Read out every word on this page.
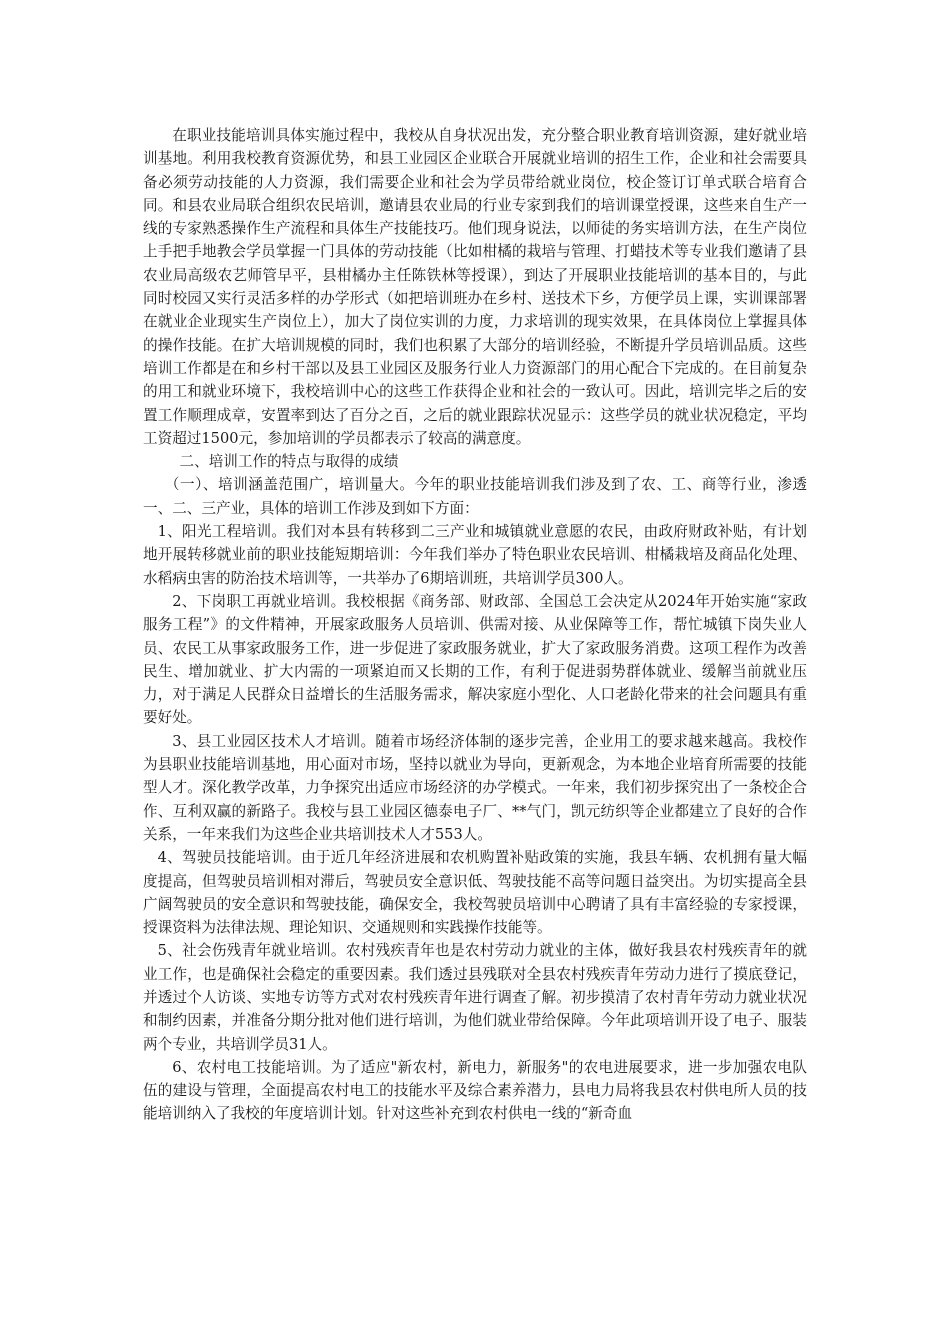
在职业技能培训具体实施过程中，我校从自身状况出发，充分整合职业教育培训资源，建好就业培训基地。利用我校教育资源优势，和县工业园区企业联合开展就业培训的招生工作，企业和社会需要具备必须劳动技能的人力资源，我们需要企业和社会为学员带给就业岗位，校企签订订单式联合培育合同。和县农业局联合组织农民培训，邀请县农业局的行业专家到我们的培训课堂授课，这些来自生产一线的专家熟悉操作生产流程和具体生产技能技巧。他们现身说法，以师徒的务实培训方法，在生产岗位上手把手地教会学员掌握一门具体的劳动技能（比如柑橘的栽培与管理、打蜡技术等专业我们邀请了县农业局高级农艺师管早平，县柑橘办主任陈铁林等授课），到达了开展职业技能培训的基本目的，与此同时校园又实行灵活多样的办学形式（如把培训班办在乡村、送技术下乡，方便学员上课，实训课部署在就业企业现实生产岗位上），加大了岗位实训的力度，力求培训的现实效果，在具体岗位上掌握具体的操作技能。在扩大培训规模的同时，我们也积累了大部分的培训经验，不断提升学员培训品质。这些培训工作都是在和乡村干部以及县工业园区及服务行业人力资源部门的用心配合下完成的。在目前复杂的用工和就业环境下，我校培训中心的这些工作获得企业和社会的一致认可。因此，培训完毕之后的安置工作顺理成章，安置率到达了百分之百，之后的就业跟踪状况显示：这些学员的就业状况稳定，平均工资超过1500元，参加培训的学员都表示了较高的满意度。

二、培训工作的特点与取得的成绩

（一）、培训涵盖范围广，培训量大。今年的职业技能培训我们涉及到了农、工、商等行业，渗透一、二、三产业，具体的培训工作涉及到如下方面：

1、阳光工程培训。我们对本县有转移到二三产业和城镇就业意愿的农民，由政府财政补贴，有计划地开展转移就业前的职业技能短期培训：今年我们举办了特色职业农民培训、柑橘栽培及商品化处理、水稻病虫害的防治技术培训等，一共举办了6期培训班，共培训学员300人。

2、下岗职工再就业培训。我校根据《商务部、财政部、全国总工会决定从2024年开始实施“家政服务工程”》的文件精神，开展家政服务人员培训、供需对接、从业保障等工作，帮忙城镇下岗失业人员、农民工从事家政服务工作，进一步促进了家政服务就业，扩大了家政服务消费。这项工程作为改善民生、增加就业、扩大内需的一项紧迫而又长期的工作，有利于促进弱势群体就业、缓解当前就业压力，对于满足人民群众日益增长的生活服务需求，解决家庭小型化、人口老龄化带来的社会问题具有重要好处。

3、县工业园区技术人才培训。随着市场经济体制的逐步完善，企业用工的要求越来越高。我校作为县职业技能培训基地，用心面对市场，坚持以就业为导向，更新观念，为本地企业培育所需要的技能型人才。深化教学改革，力争探究出适应市场经济的办学模式。一年来，我们初步探究出了一条校企合作、互利双赢的新路子。我校与县工业园区德泰电子厂、**气门，凯元纺织等企业都建立了良好的合作关系，一年来我们为这些企业共培训技术人才553人。

4、驾驶员技能培训。由于近几年经济进展和农机购置补贴政策的实施，我县车辆、农机拥有量大幅度提高，但驾驶员培训相对滞后，驾驶员安全意识低、驾驶技能不高等问题日益突出。为切实提高全县广阔驾驶员的安全意识和驾驶技能，确保安全，我校驾驶员培训中心聘请了具有丰富经验的专家授课，授课资料为法律法规、理论知识、交通规则和实践操作技能等。

5、社会伤残青年就业培训。农村残疾青年也是农村劳动力就业的主体，做好我县农村残疾青年的就业工作，也是确保社会稳定的重要因素。我们透过县残联对全县农村残疾青年劳动力进行了摸底登记，并透过个人访谈、实地专访等方式对农村残疾青年进行调查了解。初步摸清了农村青年劳动力就业状况和制约因素，并准备分期分批对他们进行培训，为他们就业带给保障。今年此项培训开设了电子、服装两个专业，共培训学员31人。

6、农村电工技能培训。为了适应"新农村，新电力，新服务"的农电进展要求，进一步加强农电队伍的建设与管理，全面提高农村电工的技能水平及综合素养潜力，县电力局将我县农村供电所人员的技能培训纳入了我校的年度培训计划。针对这些补充到农村供电一线的“新奇血
